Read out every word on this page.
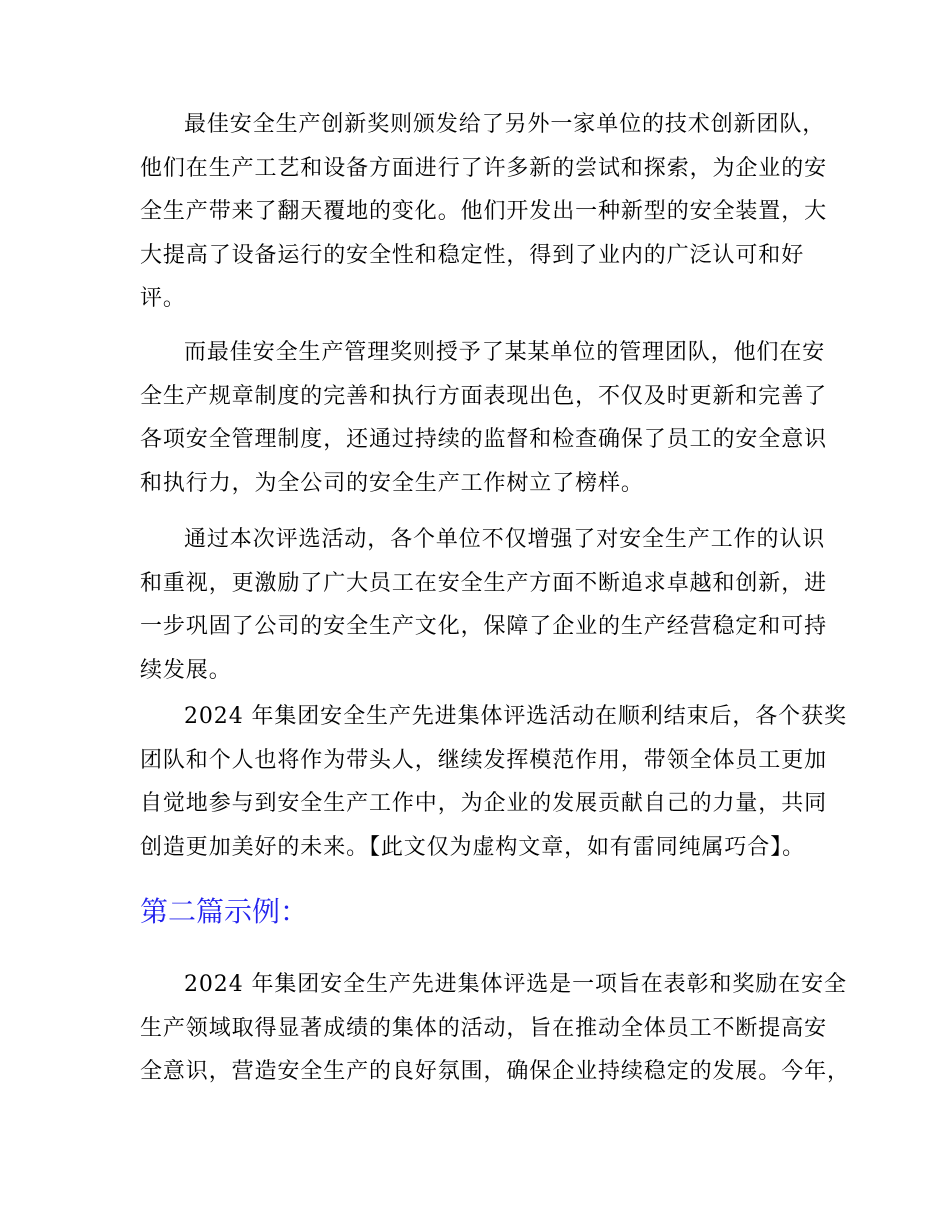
最佳安全生产创新奖则颁发给了另外一家单位的技术创新团队，
他们在生产工艺和设备方面进行了许多新的尝试和探索，为企业的安
全生产带来了翻天覆地的变化。他们开发出一种新型的安全装置，大
大提高了设备运行的安全性和稳定性，得到了业内的广泛认可和好
评。
而最佳安全生产管理奖则授予了某某单位的管理团队，他们在安
全生产规章制度的完善和执行方面表现出色，不仅及时更新和完善了
各项安全管理制度，还通过持续的监督和检查确保了员工的安全意识
和执行力，为全公司的安全生产工作树立了榜样。
通过本次评选活动，各个单位不仅增强了对安全生产工作的认识
和重视，更激励了广大员工在安全生产方面不断追求卓越和创新，进
一步巩固了公司的安全生产文化，保障了企业的生产经营稳定和可持
续发展。
2024 年集团安全生产先进集体评选活动在顺利结束后，各个获奖
团队和个人也将作为带头人，继续发挥模范作用，带领全体员工更加
自觉地参与到安全生产工作中，为企业的发展贡献自己的力量，共同
创造更加美好的未来。【此文仅为虚构文章，如有雷同纯属巧合】。
第二篇示例：
2024 年集团安全生产先进集体评选是一项旨在表彰和奖励在安全
生产领域取得显著成绩的集体的活动，旨在推动全体员工不断提高安
全意识，营造安全生产的良好氛围，确保企业持续稳定的发展。今年，
